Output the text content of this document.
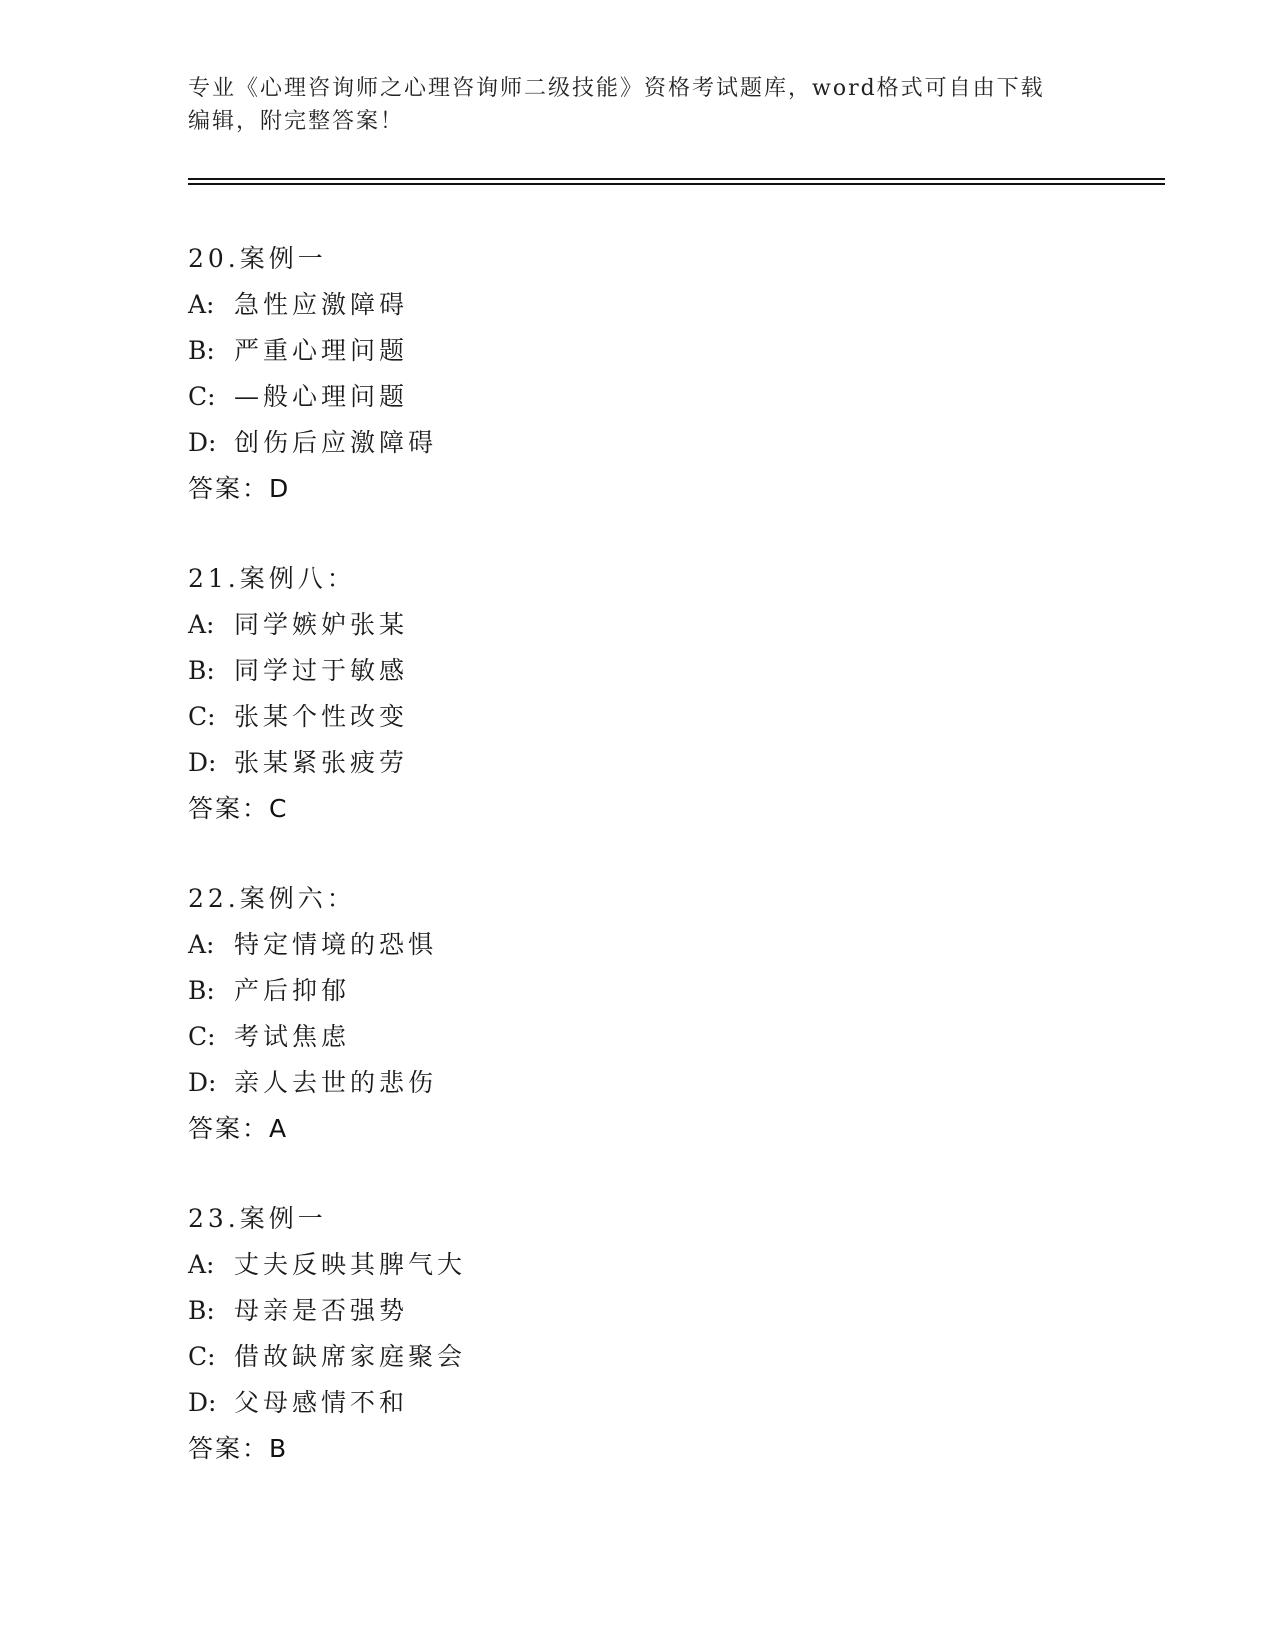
专业《心理咨询师之心理咨询师二级技能》资格考试题库，word格式可自由下载
编辑，附完整答案！
20.案例一
A: 急性应激障碍
B: 严重心理问题
C: —般心理问题
D: 创伤后应激障碍
答案：D
21.案例八：
A: 同学嫉妒张某
B: 同学过于敏感
C: 张某个性改变
D: 张某紧张疲劳
答案：C
22.案例六：
A: 特定情境的恐惧
B: 产后抑郁
C: 考试焦虑
D: 亲人去世的悲伤
答案：A
23.案例一
A: 丈夫反映其脾气大
B: 母亲是否强势
C: 借故缺席家庭聚会
D: 父母感情不和
答案：B
